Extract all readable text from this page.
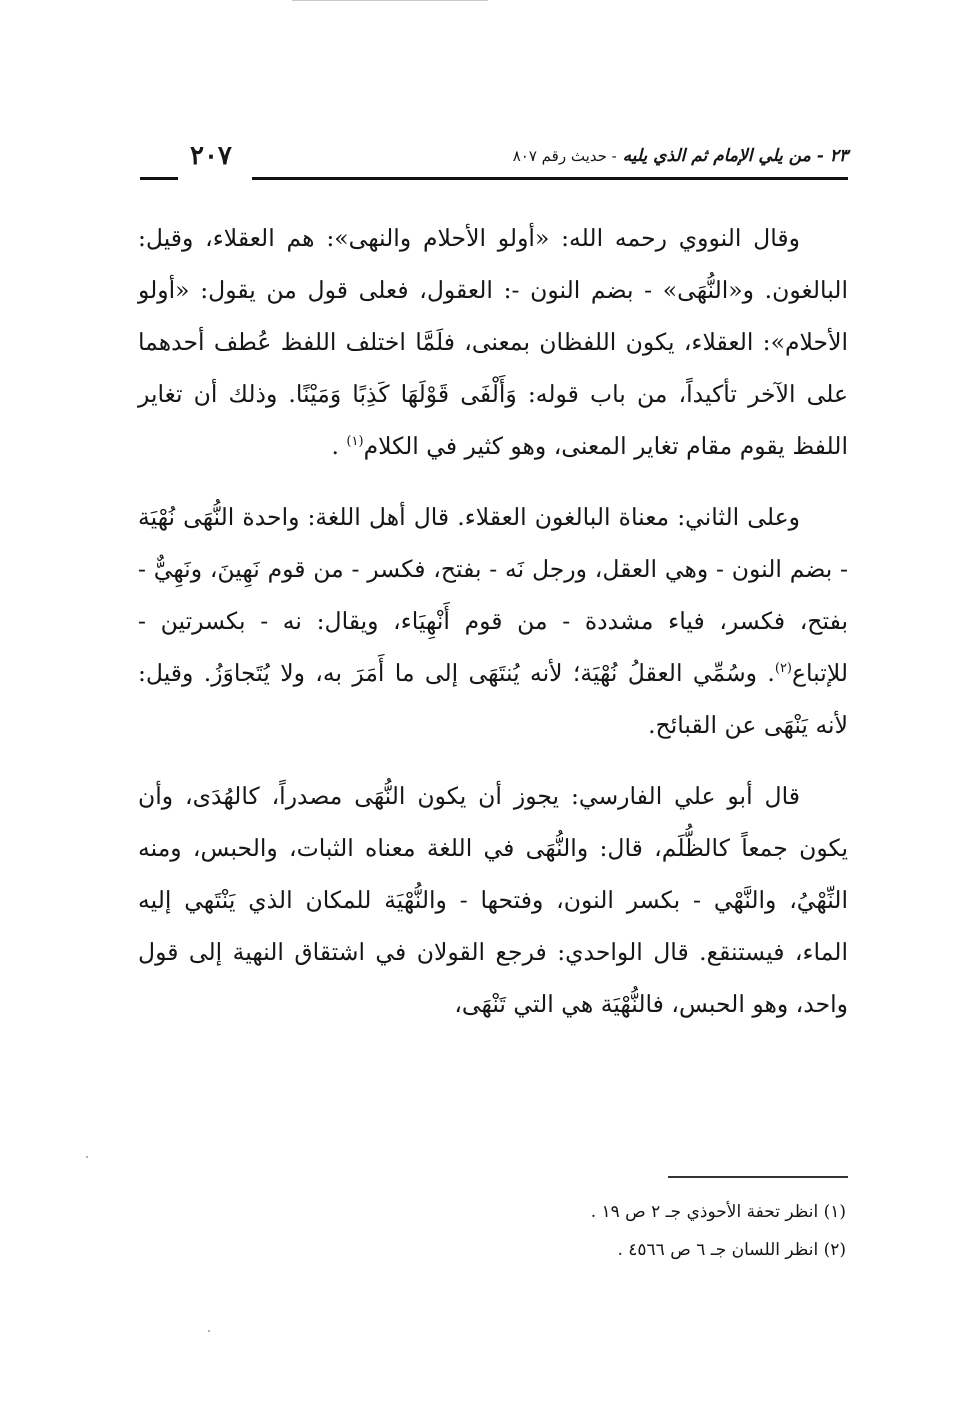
٢٣ - من يلي الإمام ثم الذي يليه - حديث رقم ٨٠٧
٢٠٧

وقال النووي رحمه الله: «أولو الأحلام والنهى»: هم العقلاء، وقيل: البالغون. و«النُّهَى» - بضم النون -: العقول، فعلى قول من يقول: «أولو الأحلام»: العقلاء، يكون اللفظان بمعنى، فلَمَّا اختلف اللفظ عُطف أحدهما على الآخر تأكيداً، من باب قوله: وَأَلْفَى قَوْلَهَا كَذِبًا وَمَيْنًا. وذلك أن تغاير اللفظ يقوم مقام تغاير المعنى، وهو كثير في الكلام$^{(١)}$ .

وعلى الثاني: معناة البالغون العقلاء. قال أهل اللغة: واحدة النُّهَى نُهْيَة - بضم النون - وهي العقل، ورجل نَه - بفتح، فكسر - من قوم نَهِينَ، ونَهِيٌّ - بفتح، فكسر، فياء مشددة - من قوم أَنْهِيَاء، ويقال: نه - بكسرتين - للإتباع$^{(٢)}$. وسُمِّي العقلُ نُهْيَة؛ لأنه يُنتَهَى إلى ما أَمَرَ به، ولا يُتَجاوَزُ. وقيل: لأنه يَنْهَى عن القبائح.

قال أبو علي الفارسي: يجوز أن يكون النُّهَى مصدراً، كالهُدَى، وأن يكون جمعاً كالظُّلَم، قال: والنُّهَى في اللغة معناه الثبات، والحبس، ومنه النِّهْيُ، والنَّهْي - بكسر النون، وفتحها - والنُّهْيَة للمكان الذي يَنْتَهي إليه الماء، فيستنقع. قال الواحدي: فرجع القولان في اشتقاق النهية إلى قول واحد، وهو الحبس، فالنُّهْيَة هي التي تَنْهَى،

(١) انظر تحفة الأحوذي جـ ٢ ص ١٩ .
(٢) انظر اللسان جـ ٦ ص ٤٥٦٦ .
